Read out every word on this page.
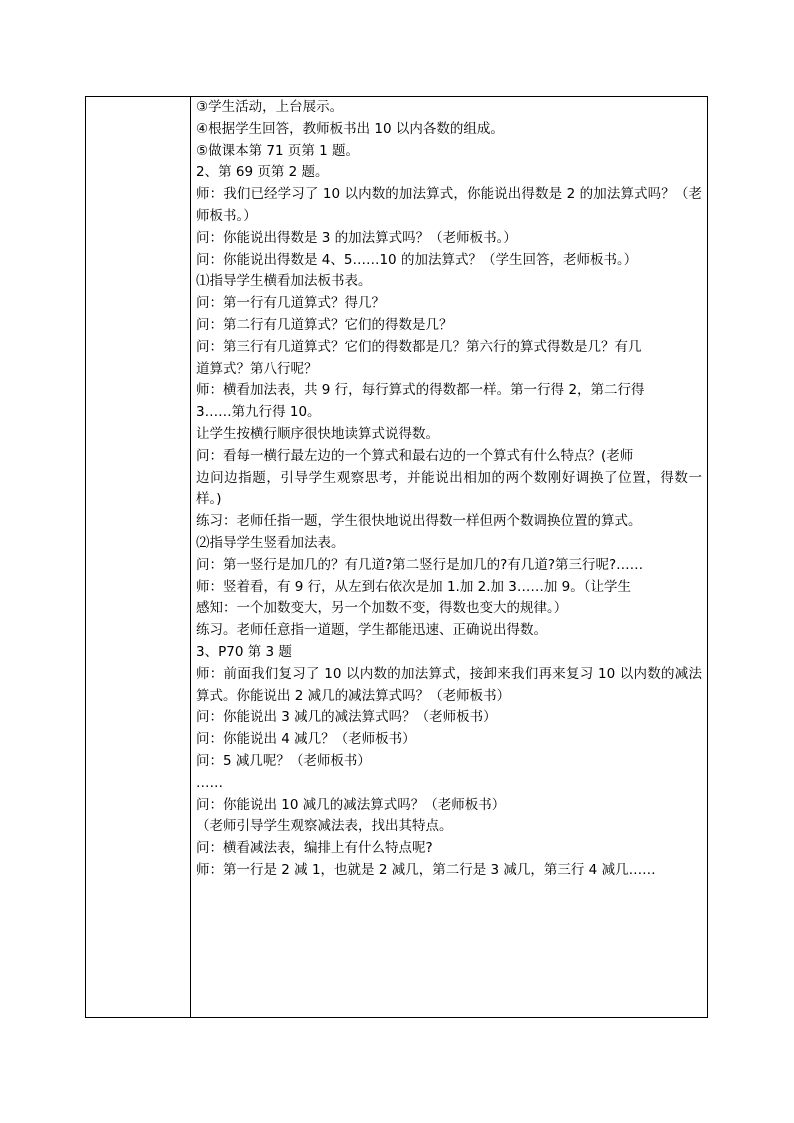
③学生活动，上台展示。

④根据学生回答，教师板书出 10 以内各数的组成。

⑤做课本第 71 页第 1 题。

2、第 69 页第 2 题。

师：我们已经学习了 10 以内数的加法算式，你能说出得数是 2 的加法算式吗？（老师板书。）

问：你能说出得数是 3 的加法算式吗？（老师板书。）

问：你能说出得数是 4、5……10 的加法算式？（学生回答，老师板书。）

⑴指导学生横看加法板书表。

问：第一行有几道算式？得几？

问：第二行有几道算式？它们的得数是几？

问：第三行有几道算式？它们的得数都是几？第六行的算式得数是几？有几

道算式？第八行呢？

师：横看加法表，共 9 行，每行算式的得数都一样。第一行得 2，第二行得

3……第九行得 10。

让学生按横行顺序很快地读算式说得数。

问：看每一横行最左边的一个算式和最右边的一个算式有什么特点？(老师

边问边指题，引导学生观察思考，并能说出相加的两个数刚好调换了位置，得数一样。)

练习：老师任指一题，学生很快地说出得数一样但两个数调换位置的算式。

⑵指导学生竖看加法表。

问：第一竖行是加几的？有几道?第二竖行是加几的?有几道?第三行呢?……

师：竖着看，有 9 行，从左到右依次是加 1.加 2.加 3……加 9。（让学生

感知：一个加数变大，另一个加数不变，得数也变大的规律。）

练习。老师任意指一道题，学生都能迅速、正确说出得数。

3、P70 第 3 题

师：前面我们复习了 10 以内数的加法算式，接卸来我们再来复习 10 以内数的减法算式。你能说出 2 减几的减法算式吗？（老师板书）

问：你能说出 3 减几的减法算式吗？（老师板书）

问：你能说出 4 减几？（老师板书）

问：5 减几呢？（老师板书）

……

问：你能说出 10 减几的减法算式吗？（老师板书）

（老师引导学生观察减法表，找出其特点。

问：横看减法表，编排上有什么特点呢?

师：第一行是 2 减 1，也就是 2 减几，第二行是 3 减几，第三行 4 减几……
